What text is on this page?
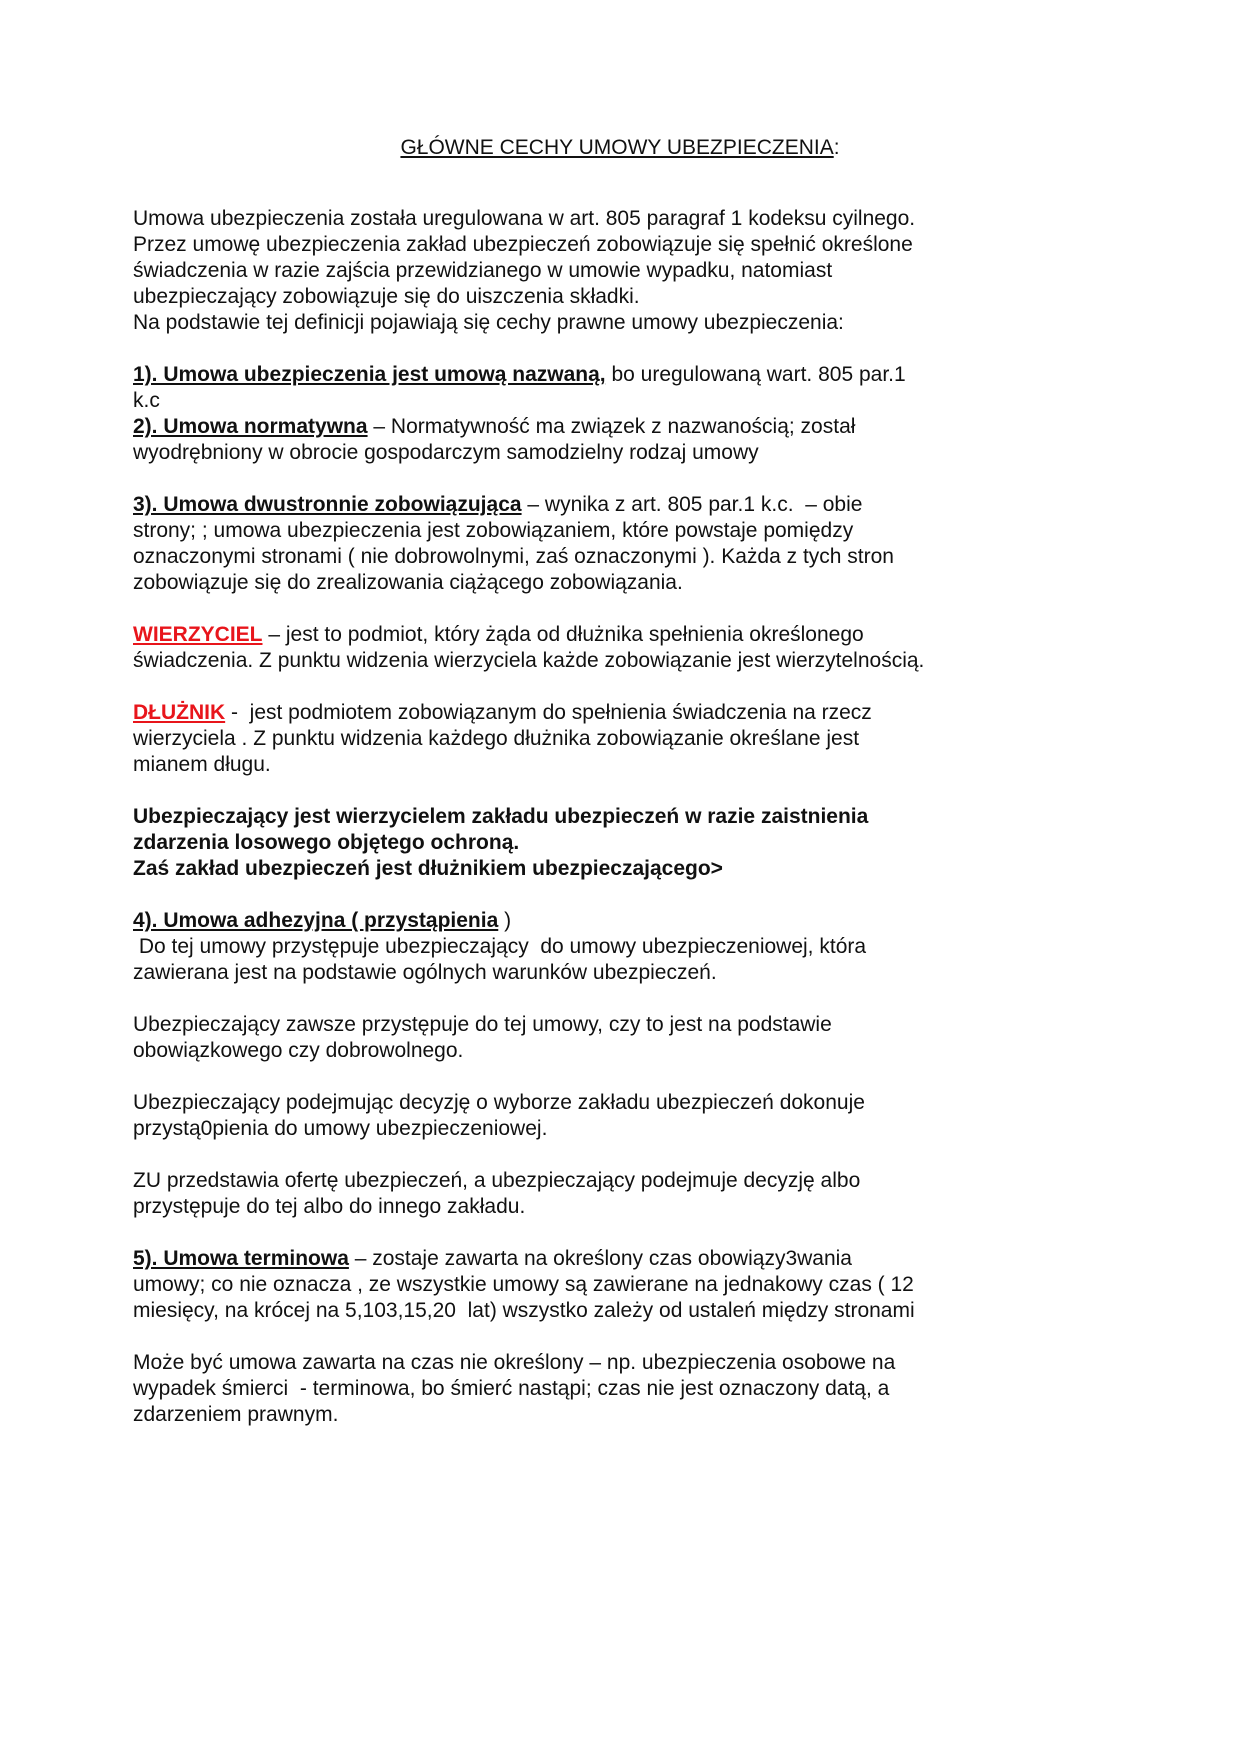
GŁÓWNE CECHY UMOWY UBEZPIECZENIA:

Umowa ubezpieczenia została uregulowana w art. 805 paragraf 1 kodeksu cyilnego.

Przez umowę ubezpieczenia zakład ubezpieczeń zobowiązuje się spełnić określone

świadczenia w razie zajścia przewidzianego w umowie wypadku, natomiast

ubezpieczający zobowiązuje się do uiszczenia składki.

Na podstawie tej definicji pojawiają się cechy prawne umowy ubezpieczenia:

1). Umowa ubezpieczenia jest umową nazwaną, bo uregulowaną wart. 805 par.1

k.c

2). Umowa normatywna – Normatywność ma związek z nazwanością; został

wyodrębniony w obrocie gospodarczym samodzielny rodzaj umowy

3). Umowa dwustronnie zobowiązująca – wynika z art. 805 par.1 k.c.  – obie

strony; ; umowa ubezpieczenia jest zobowiązaniem, które powstaje pomiędzy

oznaczonymi stronami ( nie dobrowolnymi, zaś oznaczonymi ). Każda z tych stron

zobowiązuje się do zrealizowania ciążącego zobowiązania.

WIERZYCIEL – jest to podmiot, który żąda od dłużnika spełnienia określonego

świadczenia. Z punktu widzenia wierzyciela każde zobowiązanie jest wierzytelnością.

DŁUŻNIK -  jest podmiotem zobowiązanym do spełnienia świadczenia na rzecz

wierzyciela . Z punktu widzenia każdego dłużnika zobowiązanie określane jest

mianem długu.

Ubezpieczający jest wierzycielem zakładu ubezpieczeń w razie zaistnienia

zdarzenia losowego objętego ochroną.

Zaś zakład ubezpieczeń jest dłużnikiem ubezpieczającego>

4). Umowa adhezyjna ( przystąpienia )

Do tej umowy przystępuje ubezpieczający  do umowy ubezpieczeniowej, która

zawierana jest na podstawie ogólnych warunków ubezpieczeń.

Ubezpieczający zawsze przystępuje do tej umowy, czy to jest na podstawie

obowiązkowego czy dobrowolnego.

Ubezpieczający podejmując decyzję o wyborze zakładu ubezpieczeń dokonuje

przystą0pienia do umowy ubezpieczeniowej.

ZU przedstawia ofertę ubezpieczeń, a ubezpieczający podejmuje decyzję albo

przystępuje do tej albo do innego zakładu.

5). Umowa terminowa – zostaje zawarta na określony czas obowiązy3wania

umowy; co nie oznacza , ze wszystkie umowy są zawierane na jednakowy czas ( 12

miesięcy, na krócej na 5,103,15,20  lat) wszystko zależy od ustaleń między stronami

Może być umowa zawarta na czas nie określony – np. ubezpieczenia osobowe na

wypadek śmierci  - terminowa, bo śmierć nastąpi; czas nie jest oznaczony datą, a

zdarzeniem prawnym.
